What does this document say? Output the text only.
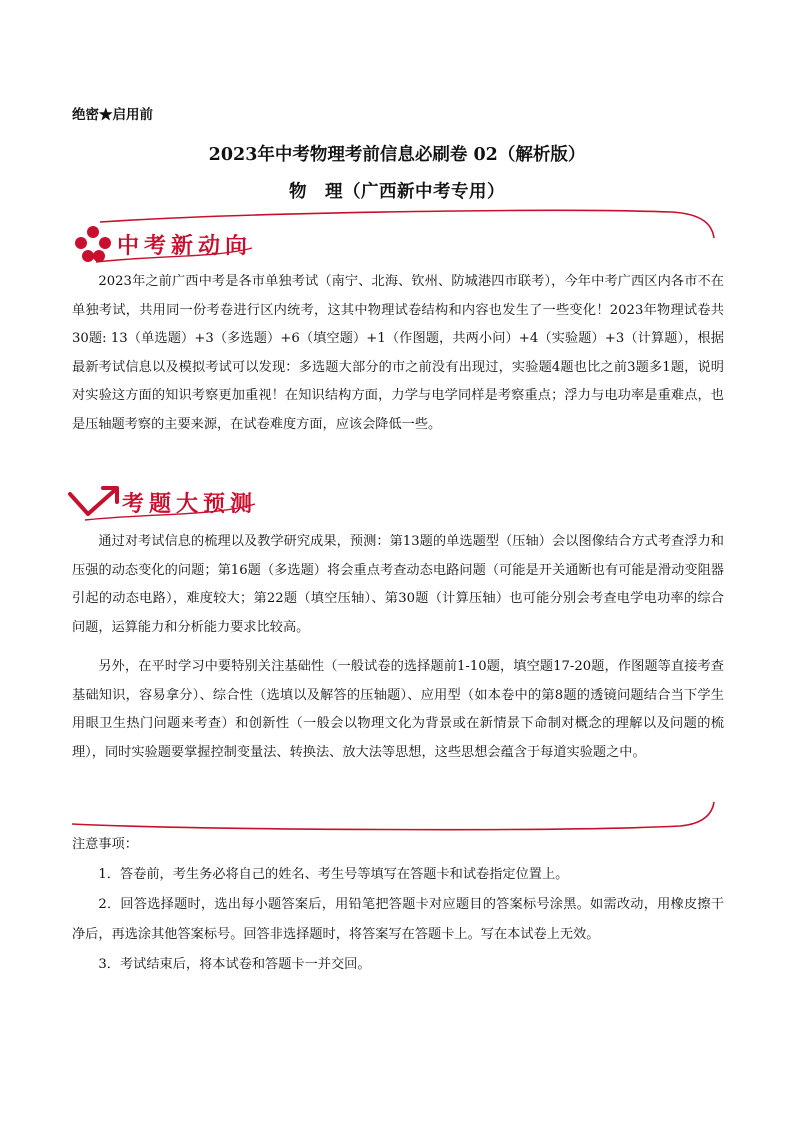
绝密★启用前
2023年中考物理考前信息必刷卷 02（解析版）
物　理（广西新中考专用）
中考新动向

2023年之前广西中考是各市单独考试（南宁、北海、钦州、防城港四市联考），今年中考广西区内各市不在单独考试，共用同一份考卷进行区内统考，这其中物理试卷结构和内容也发生了一些变化！2023年物理试卷共30题: 13（单选题）+3（多选题）+6（填空题）+1（作图题，共两小问）+4（实验题）+3（计算题），根据最新考试信息以及模拟考试可以发现：多选题大部分的市之前没有出现过，实验题4题也比之前3题多1题，说明对实验这方面的知识考察更加重视！在知识结构方面，力学与电学同样是考察重点；浮力与电功率是重难点，也是压轴题考察的主要来源，在试卷难度方面，应该会降低一些。

考题大预测

通过对考试信息的梳理以及教学研究成果，预测：第13题的单选题型（压轴）会以图像结合方式考查浮力和压强的动态变化的问题；第16题（多选题）将会重点考查动态电路问题（可能是开关通断也有可能是滑动变阻器引起的动态电路），难度较大；第22题（填空压轴）、第30题（计算压轴）也可能分别会考查电学电功率的综合问题，运算能力和分析能力要求比较高。

另外，在平时学习中要特别关注基础性（一般试卷的选择题前1-10题，填空题17-20题，作图题等直接考查基础知识，容易拿分）、综合性（选填以及解答的压轴题）、应用型（如本卷中的第8题的透镜问题结合当下学生用眼卫生热门问题来考查）和创新性（一般会以物理文化为背景或在新情景下命制对概念的理解以及问题的梳理），同时实验题要掌握控制变量法、转换法、放大法等思想，这些思想会蕴含于每道实验题之中。

注意事项：

1．答卷前，考生务必将自己的姓名、考生号等填写在答题卡和试卷指定位置上。

2．回答选择题时，选出每小题答案后，用铅笔把答题卡对应题目的答案标号涂黑。如需改动，用橡皮擦干净后，再选涂其他答案标号。回答非选择题时，将答案写在答题卡上。写在本试卷上无效。

3．考试结束后，将本试卷和答题卡一并交回。
